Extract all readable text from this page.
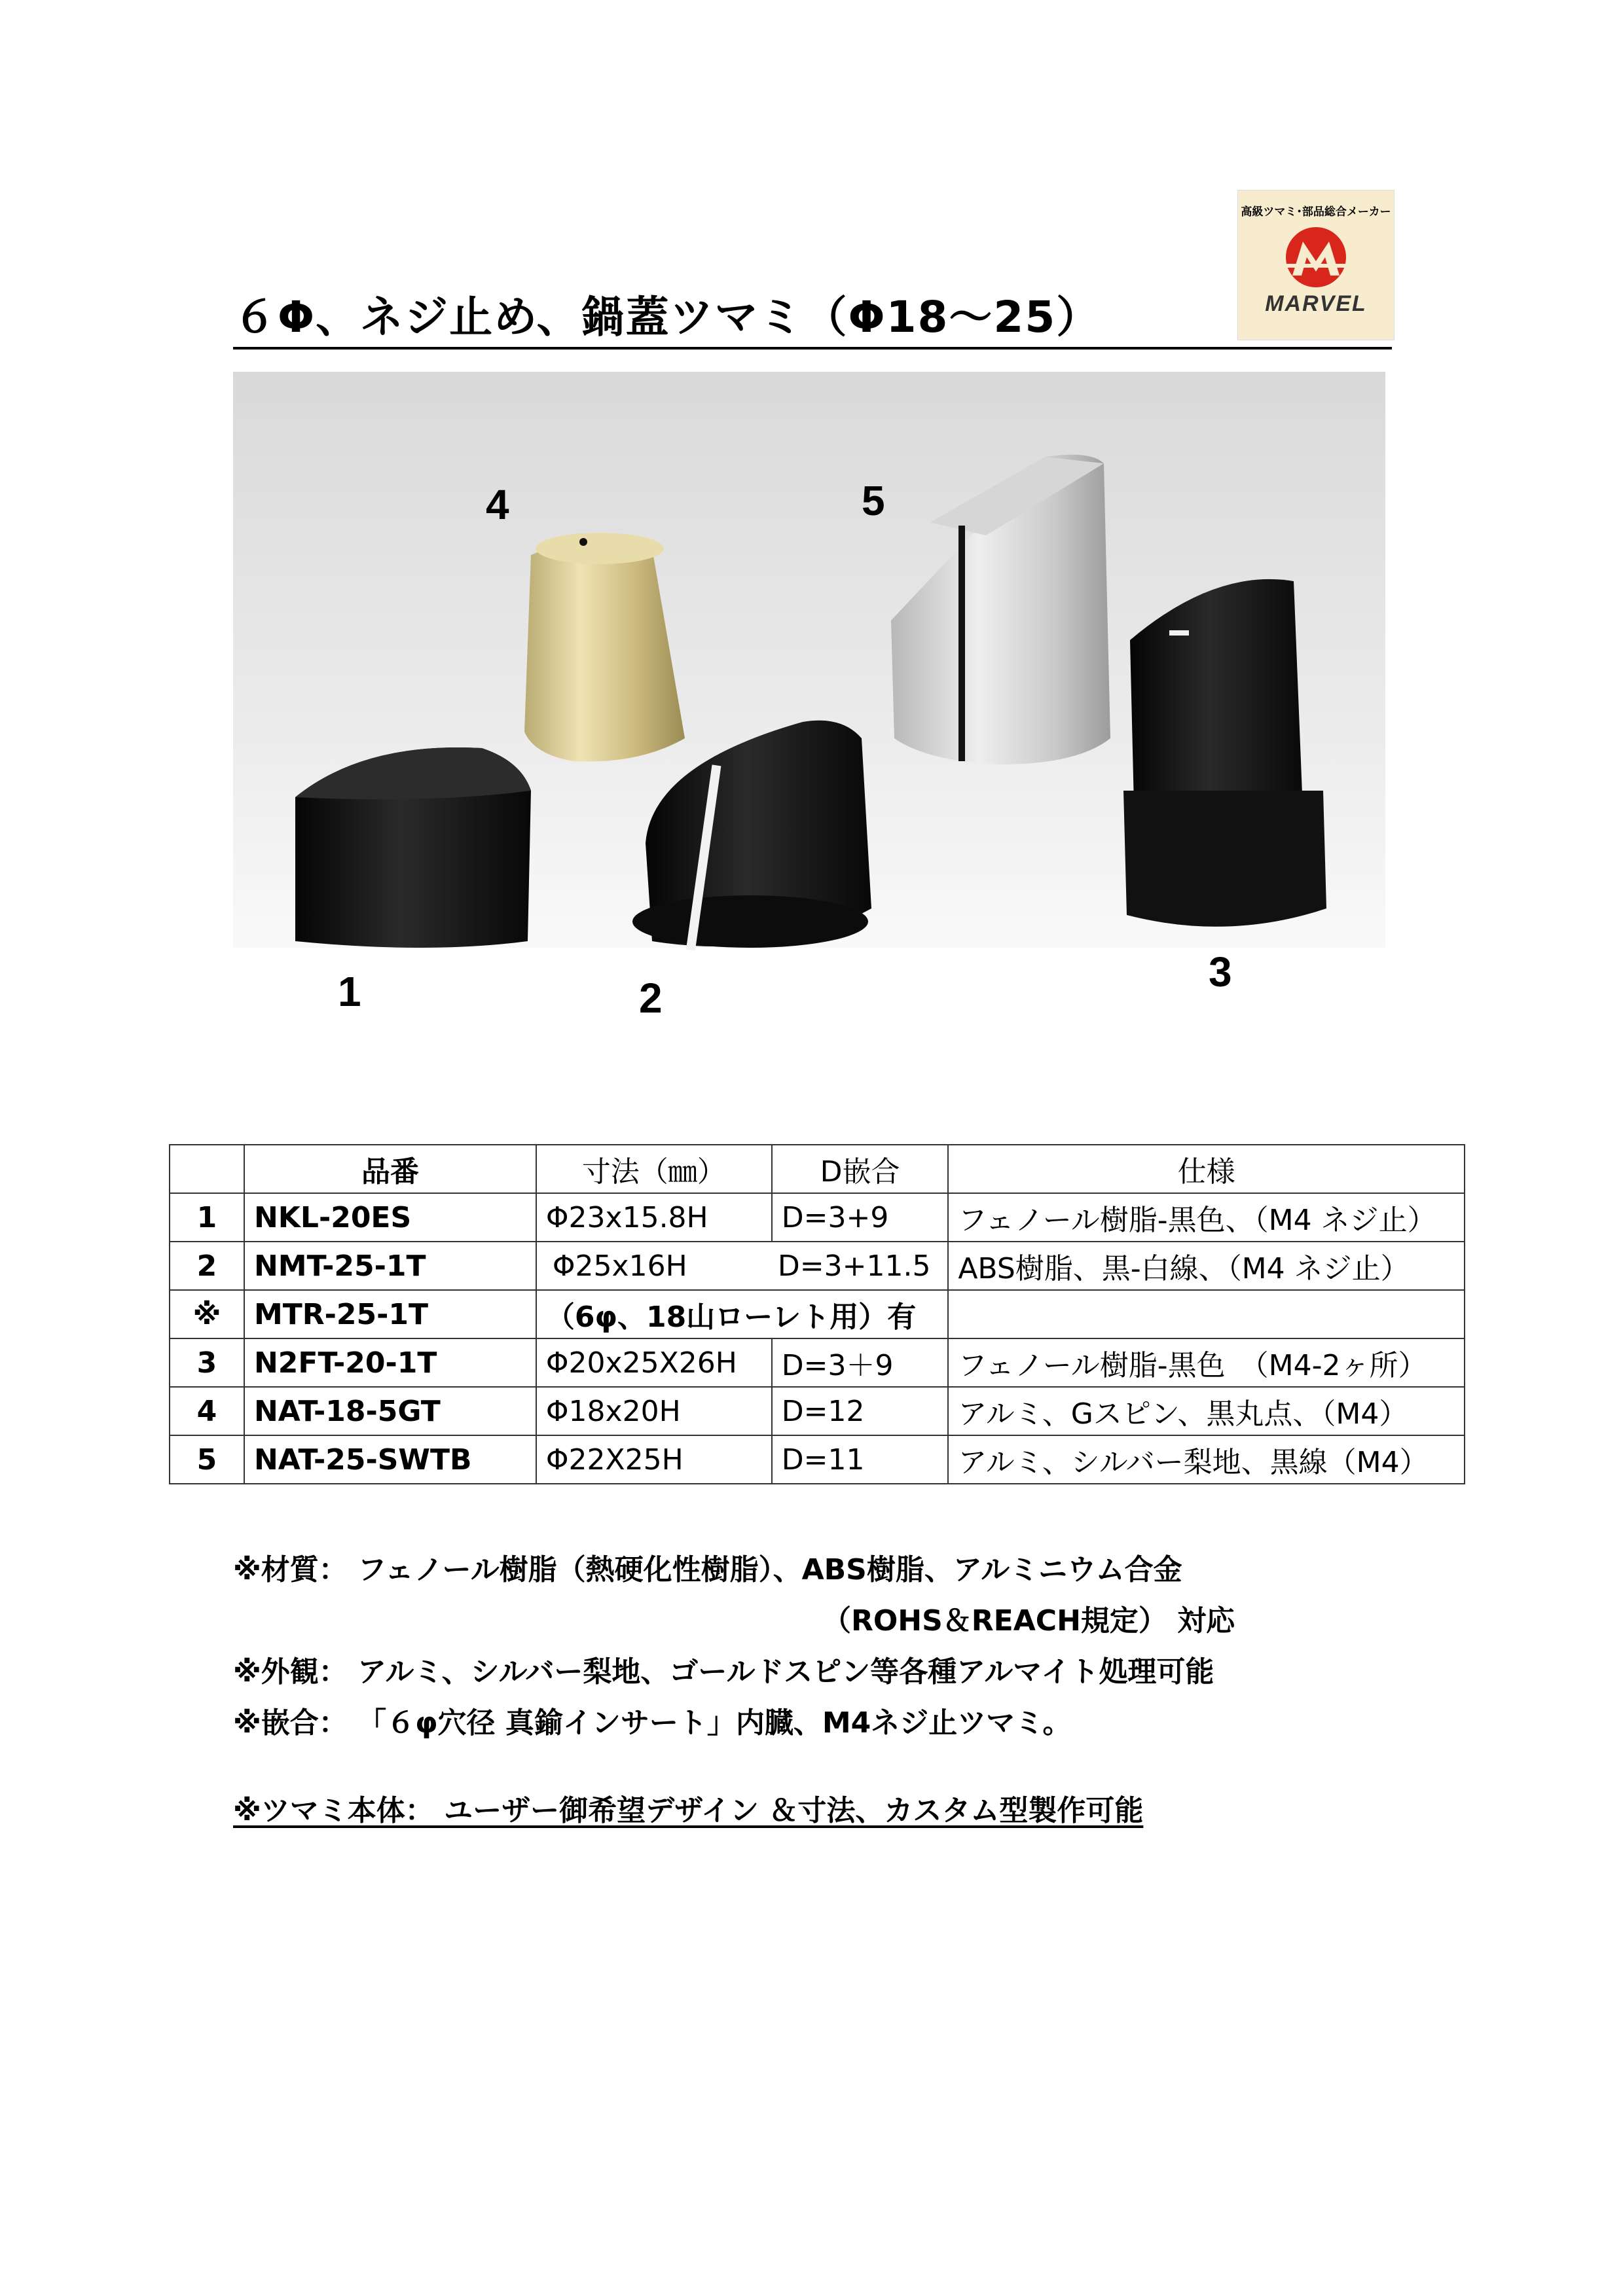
６Φ、ネジ止め、鍋蓋ツマミ（Φ18～25）
高級ツマミ･部品総合メーカー
MARVEL
4	5
1	2
3
	品番	寸法（㎜）	D嵌合	仕様
1	NKL-20ES	Φ23x15.8H	D=3+9	フェノール樹脂-黒色、（M4 ネジ止）
2	NMT-25-1T	Φ25x16H D=3+11.5		ABS樹脂、黒-白線、（M4 ネジ止）
※	MTR-25-1T	（6φ、18山ローレト用）有		
3	N2FT-20-1T	Φ20x25X26H	D=3＋9	フェノール樹脂-黒色　（M4-2ヶ所）
4	NAT-18-5GT	Φ18x20H	D=12	アルミ、Gスピン、黒丸点、（M4）
5	NAT-25-SWTB	Φ22X25H	D=11	アルミ、シルバー梨地、黒線（M4）
※材質： フェノール樹脂（熱硬化性樹脂）、ABS樹脂、アルミニウム合金
（ROHS＆REACH規定） 対応
※外観： アルミ、シルバー梨地、ゴールドスピン等各種アルマイト処理可能
※嵌合： 「６φ穴径 真鍮インサート」内臓、M4ネジ止ツマミ。
※ツマミ本体： ユーザー御希望デザイン ＆寸法、カスタム型製作可能
